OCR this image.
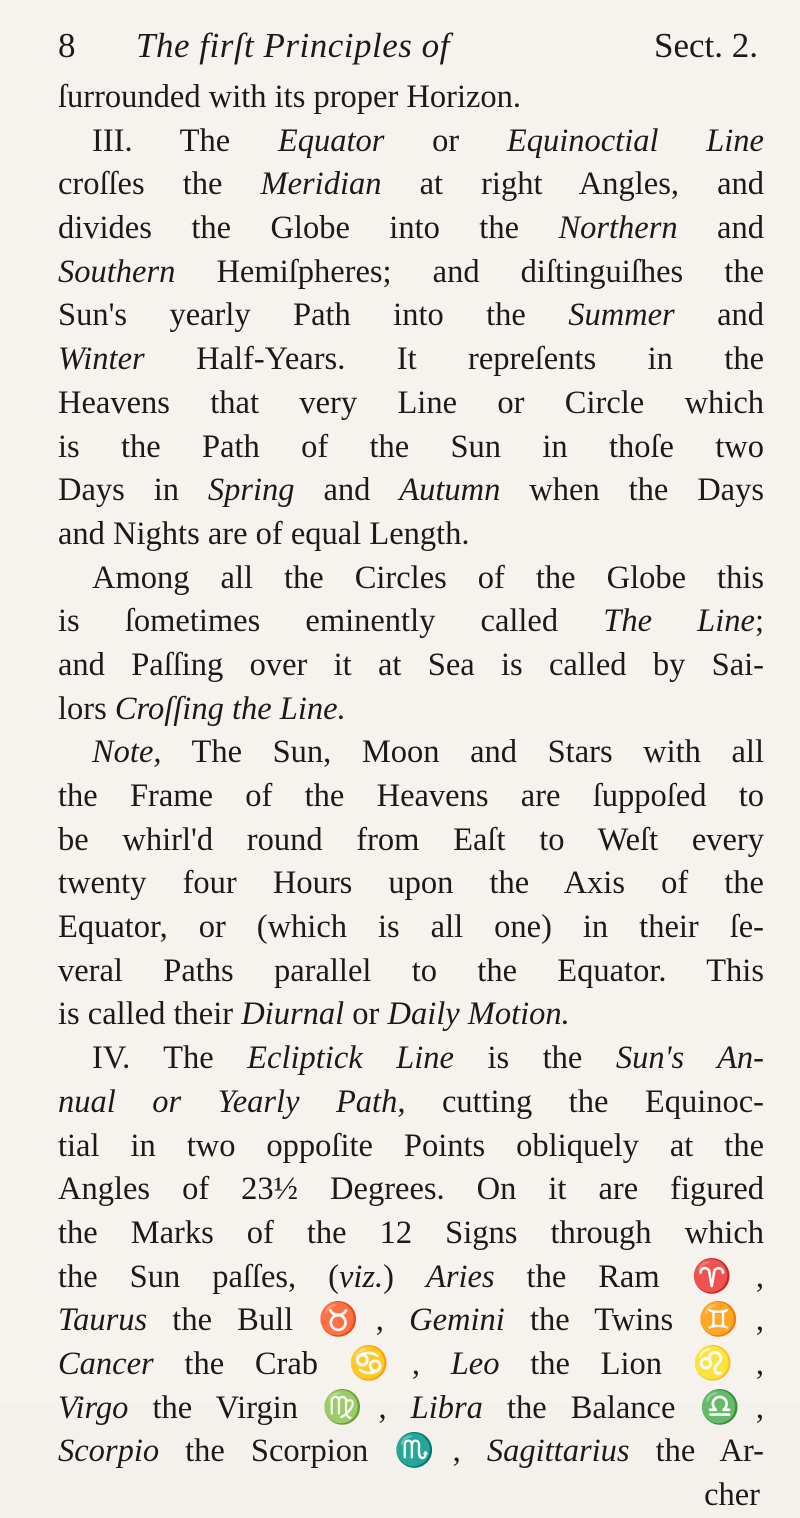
8 The firſt Principles of	Sect. 2.
ſurrounded with its proper Horizon.
III. The Equator or Equinoctial Line
croſſes the Meridian at right Angles, and
divides the Globe into the Northern and
Southern Hemiſpheres; and diſtinguiſhes the
Sun's yearly Path into the Summer and
Winter Half-Years. It repreſents in the
Heavens that very Line or Circle which
is the Path of the Sun in thoſe two
Days in Spring and Autumn when the Days
and Nights are of equal Length.
Among all the Circles of the Globe this
is ſometimes eminently called The Line;
and Paſſing over it at Sea is called by Sai-
lors Croſſing the Line.
Note, The Sun, Moon and Stars with all
the Frame of the Heavens are ſuppoſed to
be whirl'd round from Eaſt to Weſt every
twenty four Hours upon the Axis of the
Equator, or (which is all one) in their ſe-
veral Paths parallel to the Equator. This
is called their Diurnal or Daily Motion.
IV. The Ecliptick Line is the Sun's An-
nual or Yearly Path, cutting the Equinoc-
tial in two oppoſite Points obliquely at the
Angles of 23½ Degrees. On it are figured
the Marks of the 12 Signs through which
the Sun paſſes, (viz.) Aries the Ram ♈,
Taurus the Bull ♉, Gemini the Twins ♊,
Cancer the Crab ♋, Leo the Lion ♌,
Virgo the Virgin ♍, Libra the Balance ♎,
Scorpio the Scorpion ♏, Sagittarius the Ar-
cher
